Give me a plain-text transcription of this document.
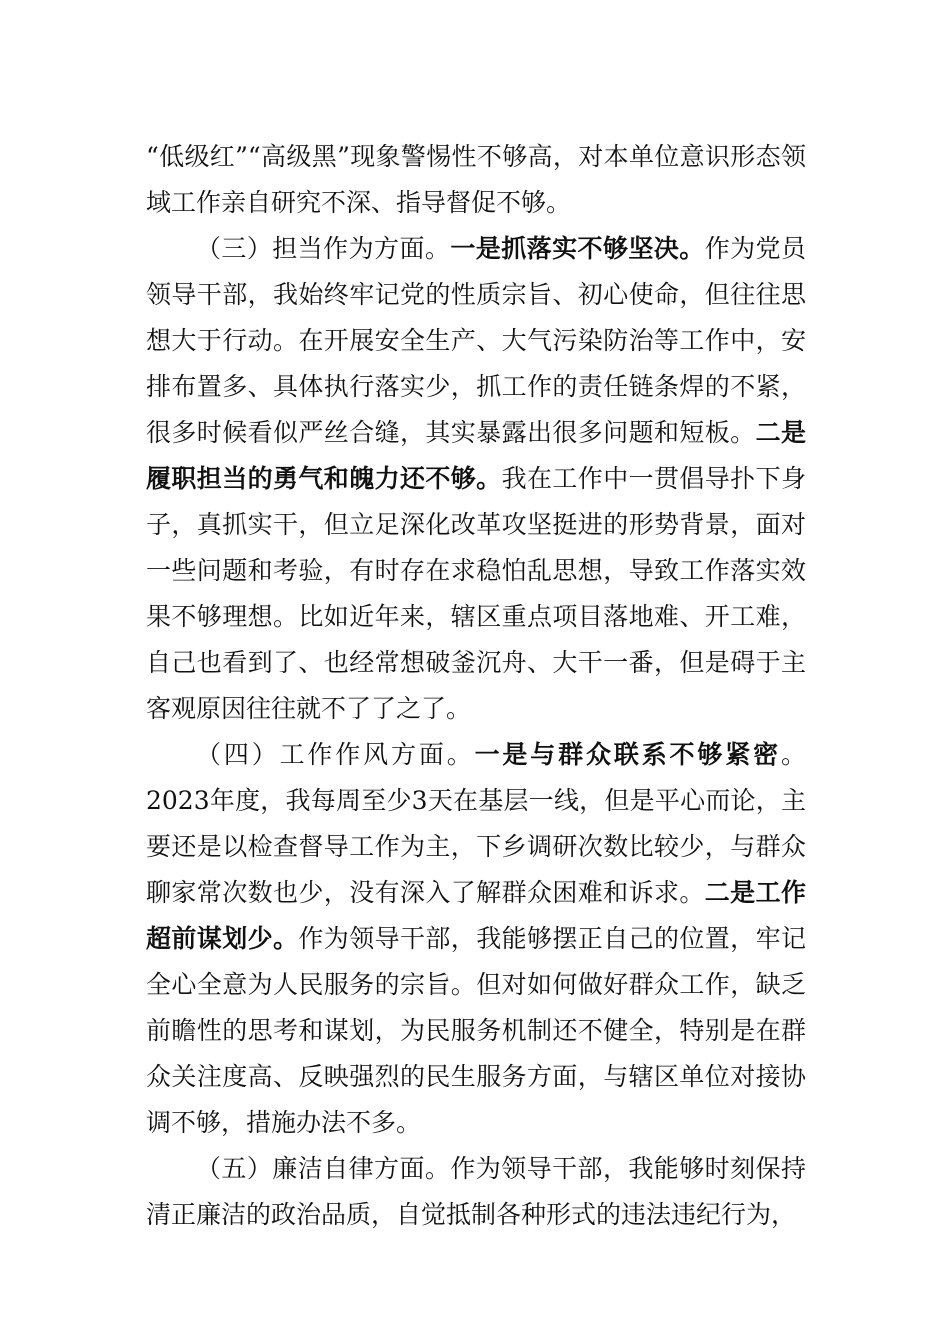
“低级红”“高级黑”现象警惕性不够高，对本单位意识形态领域工作亲自研究不深、指导督促不够。

（三）担当作为方面。一是抓落实不够坚决。作为党员领导干部，我始终牢记党的性质宗旨、初心使命，但往往思想大于行动。在开展安全生产、大气污染防治等工作中，安排布置多、具体执行落实少，抓工作的责任链条焊的不紧，很多时候看似严丝合缝，其实暴露出很多问题和短板。二是履职担当的勇气和魄力还不够。我在工作中一贯倡导扑下身子，真抓实干，但立足深化改革攻坚挺进的形势背景，面对一些问题和考验，有时存在求稳怕乱思想，导致工作落实效果不够理想。比如近年来，辖区重点项目落地难、开工难，自己也看到了、也经常想破釜沉舟、大干一番，但是碍于主客观原因往往就不了了之了。

（四）工作作风方面。一是与群众联系不够紧密。2023年度，我每周至少3天在基层一线，但是平心而论，主要还是以检查督导工作为主，下乡调研次数比较少，与群众聊家常次数也少，没有深入了解群众困难和诉求。二是工作超前谋划少。作为领导干部，我能够摆正自己的位置，牢记全心全意为人民服务的宗旨。但对如何做好群众工作，缺乏前瞻性的思考和谋划，为民服务机制还不健全，特别是在群众关注度高、反映强烈的民生服务方面，与辖区单位对接协调不够，措施办法不多。

（五）廉洁自律方面。作为领导干部，我能够时刻保持清正廉洁的政治品质，自觉抵制各种形式的违法违纪行为，
